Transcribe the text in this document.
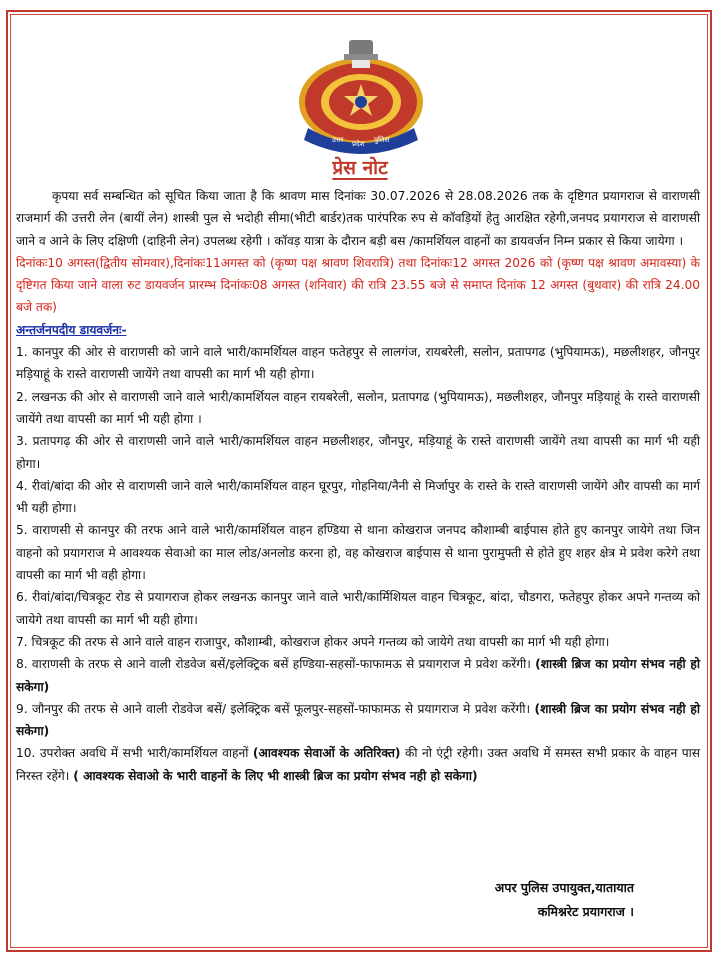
उत्तर प्रदेश पुलिस
प्रेस नोट

कृपया सर्व सम्बन्धित को सूचित किया जाता है कि श्रावण मास दिनांकः 30.07.2026 से 28.08.2026 तक के दृष्टिगत प्रयागराज से वाराणसी राजमार्ग की उत्तरी लेन (बायीं लेन) शास्त्री पुल से भदोही सीमा(भीटी बार्डर)तक पारंपरिक रुप से कॉवड़ियों हेतु आरक्षित रहेगी,जनपद प्रयागराज से वाराणसी जाने व आने के लिए दक्षिणी (दाहिनी लेन) उपलब्ध रहेगी । कॉवड़ यात्रा के दौरान बड़ी बस /कामर्शियल वाहनों का डायवर्जन निम्न प्रकार से किया जायेगा ।

दिनांकः10 अगस्त(द्वितीय सोमवार),दिनांकः11अगस्त को (कृष्ण पक्ष श्रावण शिवरात्रि) तथा दिनांकः12 अगस्त 2026 को (कृष्ण पक्ष श्रावण अमावस्या) के दृष्टिगत किया जाने वाला रुट डायवर्जन प्रारम्भ दिनांकः08 अगस्त (शनिवार) की रात्रि 23.55 बजे से समाप्त दिनांक 12 अगस्त (बुधवार) की रात्रि 24.00 बजे तक)

अन्तर्जनपदीय डायवर्जनः-

1. कानपुर की ओर से वाराणसी को जाने वाले भारी/कामर्शियल वाहन फतेहपुर से लालगंज, रायबरेली, सलोन, प्रतापगढ (भुपियामऊ), मछलीशहर, जौनपुर मड़ियाहूं के रास्ते वाराणसी जायेंगे तथा वापसी का मार्ग भी यही होगा।

2. लखनऊ की ओर से वाराणसी जाने वाले भारी/कामर्शियल वाहन रायबरेली, सलोन, प्रतापगढ (भुपियामऊ), मछलीशहर, जौनपुर मड़ियाहूं के रास्ते वाराणसी जायेंगे तथा वापसी का मार्ग भी यही होगा ।

3. प्रतापगढ़ की ओर से वाराणसी जाने वाले भारी/कामर्शियल वाहन मछलीशहर, जौनपुर, मड़ियाहूं के रास्ते वाराणसी जायेंगे तथा वापसी का मार्ग भी यही होगा।

4. रीवां/बांदा की ओर से वाराणसी जाने वाले भारी/कामर्शियल वाहन घूरपुर, गोहनिया/नैनी से मिर्जापुर के रास्ते के रास्ते वाराणसी जायेंगे और वापसी का मार्ग भी यही होगा।

5. वाराणसी से कानपुर की तरफ आने वाले भारी/कामर्शियल वाहन हण्डिया से थाना कोखराज जनपद कौशाम्बी बाईपास होते हुए कानपुर जायेगे तथा जिन वाहनो को प्रयागराज मे आवश्यक सेवाओ का माल लोड/अनलोड करना हो, वह कोखराज बाईपास से थाना पुरामुफ्ती से होते हुए शहर क्षेत्र मे प्रवेश करेगे तथा वापसी का मार्ग भी वही होगा।

6. रीवां/बांदा/चित्रकूट रोड से प्रयागराज होकर लखनऊ कानपुर जाने वाले भारी/कार्मिशियल वाहन चित्रकूट, बांदा, चौडगरा, फतेहपुर होकर अपने गन्तव्य को जायेगे तथा वापसी का मार्ग भी यही होगा।

7. चित्रकूट की तरफ से आने वाले वाहन राजापुर, कौशाम्बी, कोखराज होकर अपने गन्तव्य को जायेगे तथा वापसी का मार्ग भी यही होगा।

8. वाराणसी के तरफ से आने वाली रोडवेज बसें/इलेक्ट्रिक बसें हण्डिया-सहसों-फाफामऊ से प्रयागराज मे प्रवेश करेंगी। (शास्त्री ब्रिज का प्रयोग संभव नही हो सकेगा)

9. जौनपुर की तरफ से आने वाली रोडवेज बसें/ इलेक्ट्रिक बसें फूलपुर-सहसों-फाफामऊ से प्रयागराज मे प्रवेश करेंगी। (शास्त्री ब्रिज का प्रयोग संभव नही हो सकेगा)

10. उपरोक्त अवधि में सभी भारी/कामर्शियल वाहनों (आवश्यक सेवाओं के अतिरिक्त) की नो एंट्री रहेगी। उक्त अवधि में समस्त सभी प्रकार के वाहन पास निरस्त रहेंगे। ( आवश्यक सेवाओ के भारी वाहनों के लिए भी शास्त्री ब्रिज का प्रयोग संभव नही हो सकेगा)

अपर पुलिस उपायुक्त,यातायात
कमिश्नरेट प्रयागराज ।
